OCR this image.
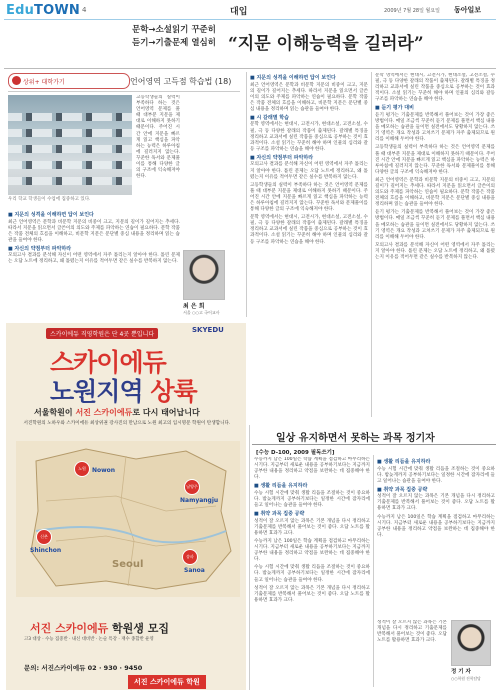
EduTOWN 4	대입	2009년 7월 28일 월요일 동아일보
문학→소설읽기 꾸준히
듣기→기출문제 열심히 “지문 이해능력을 길러라”
상위+ 대학가기	언어영역 고득점 학습법 (18)
우리 학교 학생들이 수업에 집중하고 있다.

고등학생들의 실력이 부족하다 하는 것은 언어영역 문제를 풀 때 대부분 지문을 제대로 이해하지 못하기 때문이다. 주어진 시간 안에 지문을 빠르게 읽고 핵심을 파악하는 능력은 하루아침에 길러지지 않는다. 꾸준한 독서와 문제풀이를 통해 다양한 글의 구조에 익숙해져야 한다.

■ 지문의 성격을 이해하면 답이 보인다

최근 언어영역은 문학과 비문학 지문의 비중이 크고, 지문의 길이가 길어지는 추세다. 따라서 지문을 읽으면서 글쓴이의 의도와 주제를 파악하는 연습이 필요하다. 문학 작품은 작품 전체의 흐름을 이해하고, 비문학 지문은 문단별 중심 내용을 정리하며 읽는 습관을 들여야 한다.

■ 자신의 약점부터 파악하라

모의고사 결과를 분석해 자신이 어떤 영역에서 자주 틀리는지 알아야 한다. 틀린 문제는 오답 노트에 정리하고, 왜 틀렸는지 이유를 적어두면 같은 실수를 반복하지 않는다.

최 은 희
서울 ○○고 국어교사
■ 지문의 성격을 이해하면 답이 보인다

최근 언어영역은 문학과 비문학 지문의 비중이 크고, 지문의 길이가 길어지는 추세다. 따라서 지문을 읽으면서 글쓴이의 의도와 주제를 파악하는 연습이 필요하다. 문학 작품은 작품 전체의 흐름을 이해하고, 비문학 지문은 문단별 중심 내용을 정리하며 읽는 습관을 들여야 한다.

■ 시 갈래별 학습

문학 영역에서는 현대시, 고전시가, 현대소설, 고전소설, 수필, 극 등 다양한 갈래의 작품이 출제된다. 갈래별 특징을 정리하고 교과서에 실린 작품을 중심으로 공부하는 것이 효과적이다. 소설 읽기는 꾸준히 해야 하며 인물의 심리와 갈등 구조를 파악하는 연습을 해야 한다.

■ 자신의 약점부터 파악하라

모의고사 결과를 분석해 자신이 어떤 영역에서 자주 틀리는지 알아야 한다. 틀린 문제는 오답 노트에 정리하고, 왜 틀렸는지 이유를 적어두면 같은 실수를 반복하지 않는다.

고등학생들의 실력이 부족하다 하는 것은 언어영역 문제를 풀 때 대부분 지문을 제대로 이해하지 못하기 때문이다. 주어진 시간 안에 지문을 빠르게 읽고 핵심을 파악하는 능력은 하루아침에 길러지지 않는다. 꾸준한 독서와 문제풀이를 통해 다양한 글의 구조에 익숙해져야 한다.

문학 영역에서는 현대시, 고전시가, 현대소설, 고전소설, 수필, 극 등 다양한 갈래의 작품이 출제된다. 갈래별 특징을 정리하고 교과서에 실린 작품을 중심으로 공부하는 것이 효과적이다. 소설 읽기는 꾸준히 해야 하며 인물의 심리와 갈등 구조를 파악하는 연습을 해야 한다.

문학 영역에서는 현대시, 고전시가, 현대소설, 고전소설, 수필, 극 등 다양한 갈래의 작품이 출제된다. 갈래별 특징을 정리하고 교과서에 실린 작품을 중심으로 공부하는 것이 효과적이다. 소설 읽기는 꾸준히 해야 하며 인물의 심리와 갈등 구조를 파악하는 연습을 해야 한다.

■ 듣기 평가 대비

듣기 평가는 기출문제를 반복해서 풀어보는 것이 가장 좋은 방법이다. 매일 조금씩 꾸준히 듣기 문제를 풀면서 핵심 내용을 메모하는 습관을 들이면 실전에서도 당황하지 않는다. 쓰기 영역은 개요 작성과 고쳐쓰기 문제가 자주 출제되므로 원리를 이해해 두어야 한다.

고등학생들의 실력이 부족하다 하는 것은 언어영역 문제를 풀 때 대부분 지문을 제대로 이해하지 못하기 때문이다. 주어진 시간 안에 지문을 빠르게 읽고 핵심을 파악하는 능력은 하루아침에 길러지지 않는다. 꾸준한 독서와 문제풀이를 통해 다양한 글의 구조에 익숙해져야 한다.

최근 언어영역은 문학과 비문학 지문의 비중이 크고, 지문의 길이가 길어지는 추세다. 따라서 지문을 읽으면서 글쓴이의 의도와 주제를 파악하는 연습이 필요하다. 문학 작품은 작품 전체의 흐름을 이해하고, 비문학 지문은 문단별 중심 내용을 정리하며 읽는 습관을 들여야 한다.

듣기 평가는 기출문제를 반복해서 풀어보는 것이 가장 좋은 방법이다. 매일 조금씩 꾸준히 듣기 문제를 풀면서 핵심 내용을 메모하는 습관을 들이면 실전에서도 당황하지 않는다. 쓰기 영역은 개요 작성과 고쳐쓰기 문제가 자주 출제되므로 원리를 이해해 두어야 한다.

모의고사 결과를 분석해 자신이 어떤 영역에서 자주 틀리는지 알아야 한다. 틀린 문제는 오답 노트에 정리하고, 왜 틀렸는지 이유를 적어두면 같은 실수를 반복하지 않는다.

스카이에듀 직영학원은 단 4곳 뿐입니다
SKYEDU
스카이에듀
노원지역 상륙
서울학원이 서진 스카이에듀로 다시 태어납니다
서진학원의 노하우와 스카이에듀 최상위권 강사진의 만남으로 노원 최고의 입시명문 학원이 탄생합니다.
노원	Nowon
남양주
Namyangju
신촌
Shinchon
송파
Sanoa
Seoul
서진 스카이에듀 학원생 모집
고3 대상 · 수능 집중반 · 내신 대비반 · 논술 특강 · 재수 종합반 운영
문의: 서진스카이에듀 02 · 930 · 9450
서진 스카이에듀 학원
일상 유지하면서 못하는 과목 정기자
[수능 D-100, 2009 필독쓰기]

수능까지 남은 100일은 학습 계획을 점검하고 마무리하는 시기다. 지금부터 새로운 내용을 공부하기보다는 지금까지 공부한 내용을 정리하고 약점을 보완하는 데 집중해야 한다.

■ 생활 리듬을 유지하라

수능 시험 시간에 맞춰 생활 리듬을 조절하는 것이 중요하다. 밤늦게까지 공부하기보다는 일정한 시간에 잠자리에 들고 일어나는 습관을 들여야 한다.

■ 취약 과목 집중 공략

성적이 잘 오르지 않는 과목은 기본 개념을 다시 정리하고 기출문제를 반복해서 풀어보는 것이 좋다. 오답 노트를 활용하면 효과가 크다.

수능까지 남은 100일은 학습 계획을 점검하고 마무리하는 시기다. 지금부터 새로운 내용을 공부하기보다는 지금까지 공부한 내용을 정리하고 약점을 보완하는 데 집중해야 한다.

수능 시험 시간에 맞춰 생활 리듬을 조절하는 것이 중요하다. 밤늦게까지 공부하기보다는 일정한 시간에 잠자리에 들고 일어나는 습관을 들여야 한다.

성적이 잘 오르지 않는 과목은 기본 개념을 다시 정리하고 기출문제를 반복해서 풀어보는 것이 좋다. 오답 노트를 활용하면 효과가 크다.

■ 생활 리듬을 유지하라

수능 시험 시간에 맞춰 생활 리듬을 조절하는 것이 중요하다. 밤늦게까지 공부하기보다는 일정한 시간에 잠자리에 들고 일어나는 습관을 들여야 한다.

■ 취약 과목 집중 공략

성적이 잘 오르지 않는 과목은 기본 개념을 다시 정리하고 기출문제를 반복해서 풀어보는 것이 좋다. 오답 노트를 활용하면 효과가 크다.

수능까지 남은 100일은 학습 계획을 점검하고 마무리하는 시기다. 지금부터 새로운 내용을 공부하기보다는 지금까지 공부한 내용을 정리하고 약점을 보완하는 데 집중해야 한다.

성적이 잘 오르지 않는 과목은 기본 개념을 다시 정리하고 기출문제를 반복해서 풀어보는 것이 좋다. 오답 노트를 활용하면 효과가 크다.

정 기 자
○○학원 진학담당
